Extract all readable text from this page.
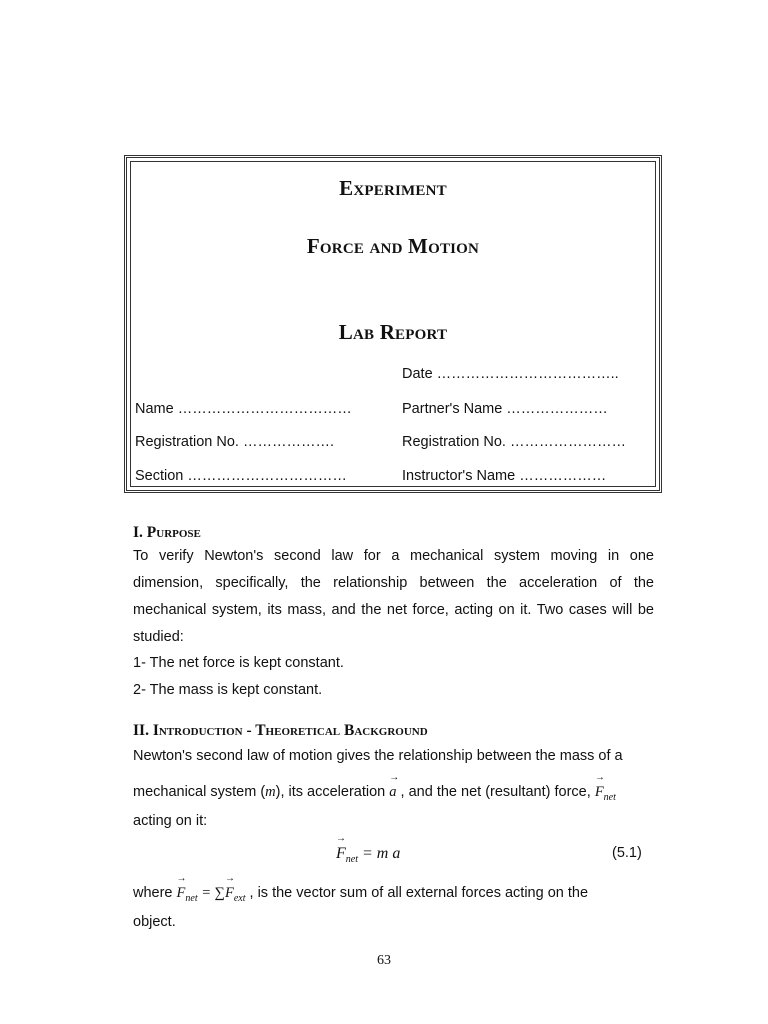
Experiment
Force and Motion
Lab Report
Date ………………………………..
Name ………………………………	Partner's Name …………………
Registration No. ……………….	Registration No. ……………………
Section ……………………………	Instructor's Name ………………
I. Purpose
To verify Newton's second law for a mechanical system moving in one dimension, specifically, the relationship between the acceleration of the mechanical system, its mass, and the net force, acting on it. Two cases will be studied:
1- The net force is kept constant.
2- The mass is kept constant.
II. Introduction - Theoretical Background
Newton's second law of motion gives the relationship between the mass of a
mechanical system (m), its acceleration → a , and the net (resultant) force, → $F_{net}$
acting on it:
→ $F_{net} = m$ a	(5.1)
where → $F_{net}$ = ∑→ $F_{ext}$ , is the vector sum of all external forces acting on the
object.
63
